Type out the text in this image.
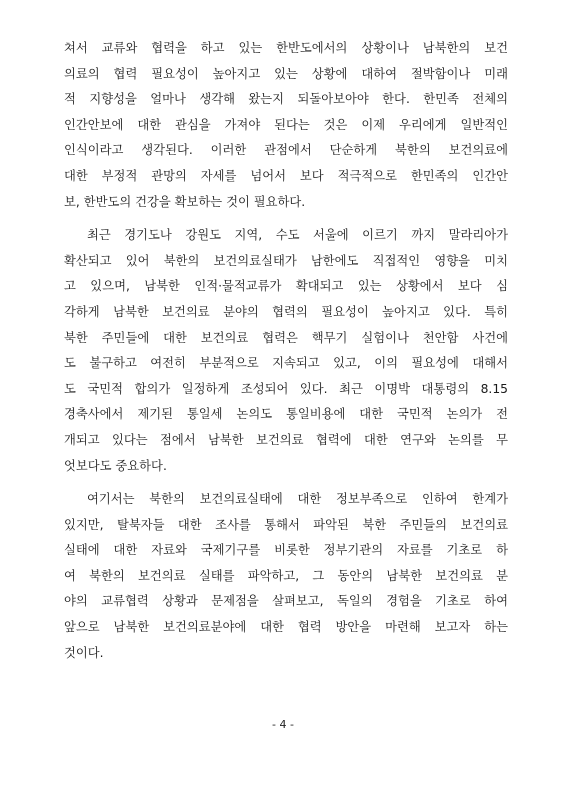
쳐서 교류와 협력을 하고 있는 한반도에서의 상황이나 남북한의 보건
의료의 협력 필요성이 높아지고 있는 상황에 대하여 절박함이나 미래
적 지향성을 얼마나 생각해 왔는지 되돌아보아야 한다. 한민족 전체의
인간안보에 대한 관심을 가져야 된다는 것은 이제 우리에게 일반적인
인식이라고 생각된다. 이러한 관점에서 단순하게 북한의 보건의료에
대한 부정적 관망의 자세를 넘어서 보다 적극적으로 한민족의 인간안
보, 한반도의 건강을 확보하는 것이 필요하다.
최근 경기도나 강원도 지역, 수도 서울에 이르기 까지 말라리아가
확산되고 있어 북한의 보건의료실태가 남한에도 직접적인 영향을 미치
고 있으며, 남북한 인적·물적교류가 확대되고 있는 상황에서 보다 심
각하게 남북한 보건의료 분야의 협력의 필요성이 높아지고 있다. 특히
북한 주민들에 대한 보건의료 협력은 핵무기 실험이나 천안함 사건에
도 불구하고 여전히 부분적으로 지속되고 있고, 이의 필요성에 대해서
도 국민적 합의가 일정하게 조성되어 있다. 최근 이명박 대통령의 8.15
경축사에서 제기된 통일세 논의도 통일비용에 대한 국민적 논의가 전
개되고 있다는 점에서 남북한 보건의료 협력에 대한 연구와 논의를 무
엇보다도 중요하다.
여기서는 북한의 보건의료실태에 대한 정보부족으로 인하여 한계가
있지만, 탈북자들 대한 조사를 통해서 파악된 북한 주민들의 보건의료
실태에 대한 자료와 국제기구를 비롯한 정부기관의 자료를 기초로 하
여 북한의 보건의료 실태를 파악하고, 그 동안의 남북한 보건의료 분
야의 교류협력 상황과 문제점을 살펴보고, 독일의 경험을 기초로 하여
앞으로 남북한 보건의료분야에 대한 협력 방안을 마련해 보고자 하는
것이다.
- 4 -
